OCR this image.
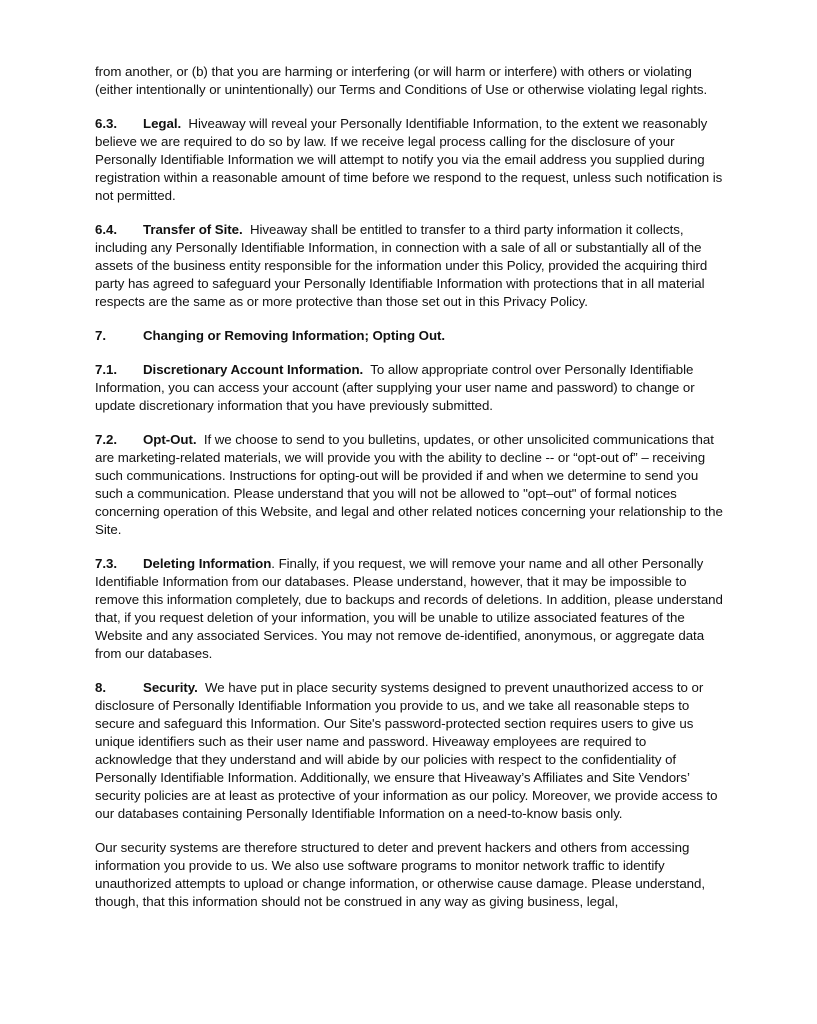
from another, or (b) that you are harming or interfering (or will harm or interfere) with others or violating (either intentionally or unintentionally) our Terms and Conditions of Use or otherwise violating legal rights.

6.3. Legal. Hiveaway will reveal your Personally Identifiable Information, to the extent we reasonably believe we are required to do so by law. If we receive legal process calling for the disclosure of your Personally Identifiable Information we will attempt to notify you via the email address you supplied during registration within a reasonable amount of time before we respond to the request, unless such notification is not permitted.

6.4. Transfer of Site. Hiveaway shall be entitled to transfer to a third party information it collects, including any Personally Identifiable Information, in connection with a sale of all or substantially all of the assets of the business entity responsible for the information under this Policy, provided the acquiring third party has agreed to safeguard your Personally Identifiable Information with protections that in all material respects are the same as or more protective than those set out in this Privacy Policy.

7.	Changing or Removing Information; Opting Out.

7.1. Discretionary Account Information. To allow appropriate control over Personally Identifiable Information, you can access your account (after supplying your user name and password) to change or update discretionary information that you have previously submitted.

7.2. Opt-Out. If we choose to send to you bulletins, updates, or other unsolicited communications that are marketing-related materials, we will provide you with the ability to decline -- or “opt-out of” – receiving such communications. Instructions for opting-out will be provided if and when we determine to send you such a communication. Please understand that you will not be allowed to "opt–out" of formal notices concerning operation of this Website, and legal and other related notices concerning your relationship to the Site.

7.3. Deleting Information. Finally, if you request, we will remove your name and all other Personally Identifiable Information from our databases. Please understand, however, that it may be impossible to remove this information completely, due to backups and records of deletions. In addition, please understand that, if you request deletion of your information, you will be unable to utilize associated features of the Website and any associated Services. You may not remove de-identified, anonymous, or aggregate data from our databases.

8.	Security. We have put in place security systems designed to prevent unauthorized access to or disclosure of Personally Identifiable Information you provide to us, and we take all reasonable steps to secure and safeguard this Information. Our Site's password-protected section requires users to give us unique identifiers such as their user name and password. Hiveaway employees are required to acknowledge that they understand and will abide by our policies with respect to the confidentiality of Personally Identifiable Information. Additionally, we ensure that Hiveaway’s Affiliates and Site Vendors’ security policies are at least as protective of your information as our policy. Moreover, we provide access to our databases containing Personally Identifiable Information on a need-to-know basis only.

Our security systems are therefore structured to deter and prevent hackers and others from accessing information you provide to us. We also use software programs to monitor network traffic to identify unauthorized attempts to upload or change information, or otherwise cause damage. Please understand, though, that this information should not be construed in any way as giving business, legal,
